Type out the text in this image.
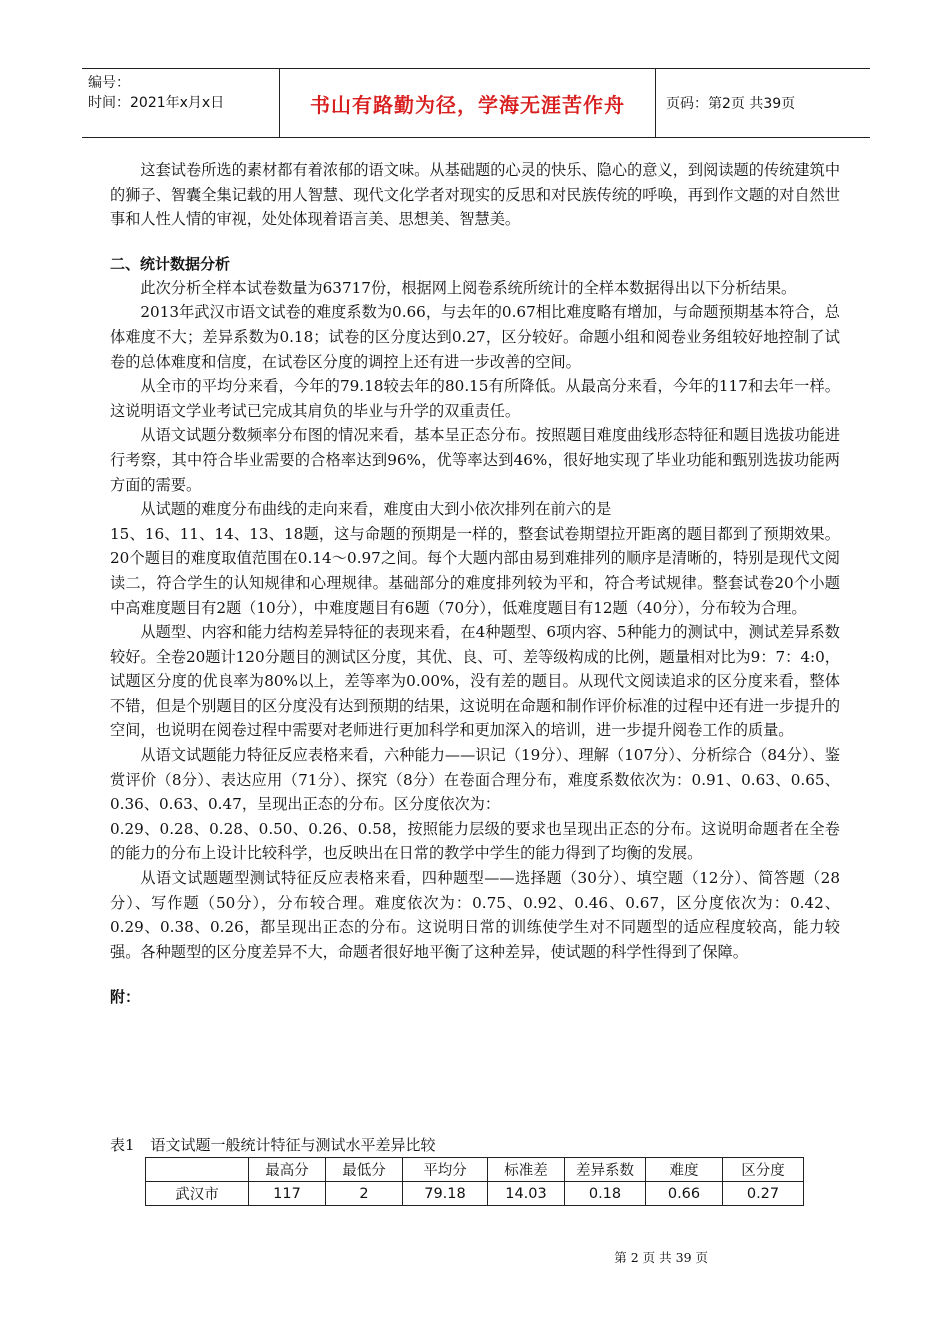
编号：
时间：2021年x月x日	书山有路勤为径，学海无涯苦作舟	页码：第2页 共39页

这套试卷所选的素材都有着浓郁的语文味。从基础题的心灵的快乐、隐心的意义，到阅读题的传统建筑中的狮子、智囊全集记载的用人智慧、现代文化学者对现实的反思和对民族传统的呼唤，再到作文题的对自然世事和人性人情的审视，处处体现着语言美、思想美、智慧美。

二、统计数据分析

此次分析全样本试卷数量为63717份，根据网上阅卷系统所统计的全样本数据得出以下分析结果。

2013年武汉市语文试卷的难度系数为0.66，与去年的0.67相比难度略有增加，与命题预期基本符合，总体难度不大；差异系数为0.18；试卷的区分度达到0.27，区分较好。命题小组和阅卷业务组较好地控制了试卷的总体难度和信度，在试卷区分度的调控上还有进一步改善的空间。

从全市的平均分来看，今年的79.18较去年的80.15有所降低。从最高分来看，今年的117和去年一样。这说明语文学业考试已完成其肩负的毕业与升学的双重责任。

从语文试题分数频率分布图的情况来看，基本呈正态分布。按照题目难度曲线形态特征和题目选拔功能进行考察，其中符合毕业需要的合格率达到96%，优等率达到46%，很好地实现了毕业功能和甄别选拔功能两方面的需要。

从试题的难度分布曲线的走向来看，难度由大到小依次排列在前六的是

15、16、11、14、13、18题，这与命题的预期是一样的，整套试卷期望拉开距离的题目都到了预期效果。20个题目的难度取值范围在0.14～0.97之间。每个大题内部由易到难排列的顺序是清晰的，特别是现代文阅读二，符合学生的认知规律和心理规律。基础部分的难度排列较为平和，符合考试规律。整套试卷20个小题中高难度题目有2题（10分），中难度题目有6题（70分），低难度题目有12题（40分），分布较为合理。

从题型、内容和能力结构差异特征的表现来看，在4种题型、6项内容、5种能力的测试中，测试差异系数较好。全卷20题计120分题目的测试区分度，其优、良、可、差等级构成的比例，题量相对比为9：7：4:0，试题区分度的优良率为80%以上，差等率为0.00%，没有差的题目。从现代文阅读追求的区分度来看，整体不错，但是个别题目的区分度没有达到预期的结果，这说明在命题和制作评价标准的过程中还有进一步提升的空间，也说明在阅卷过程中需要对老师进行更加科学和更加深入的培训，进一步提升阅卷工作的质量。

从语文试题能力特征反应表格来看，六种能力——识记（19分）、理解（107分）、分析综合（84分）、鉴赏评价（8分）、表达应用（71分）、探究（8分）在卷面合理分布，难度系数依次为：0.91、0.63、0.65、0.36、0.63、0.47，呈现出正态的分布。区分度依次为：

0.29、0.28、0.28、0.50、0.26、0.58，按照能力层级的要求也呈现出正态的分布。这说明命题者在全卷的能力的分布上设计比较科学，也反映出在日常的教学中学生的能力得到了均衡的发展。

从语文试题题型测试特征反应表格来看，四种题型——选择题（30分）、填空题（12分）、简答题（28分）、写作题（50分），分布较合理。难度依次为：0.75、0.92、0.46、0.67，区分度依次为：0.42、0.29、0.38、0.26，都呈现出正态的分布。这说明日常的训练使学生对不同题型的适应程度较高，能力较强。各种题型的区分度差异不大，命题者很好地平衡了这种差异，使试题的科学性得到了保障。

附：
表1 语文试题一般统计特征与测试水平差异比较
	最高分	最低分	平均分	标准差	差异系数	难度	区分度
武汉市	117	2	79.18	14.03	0.18	0.66	0.27
第 2 页 共 39 页
